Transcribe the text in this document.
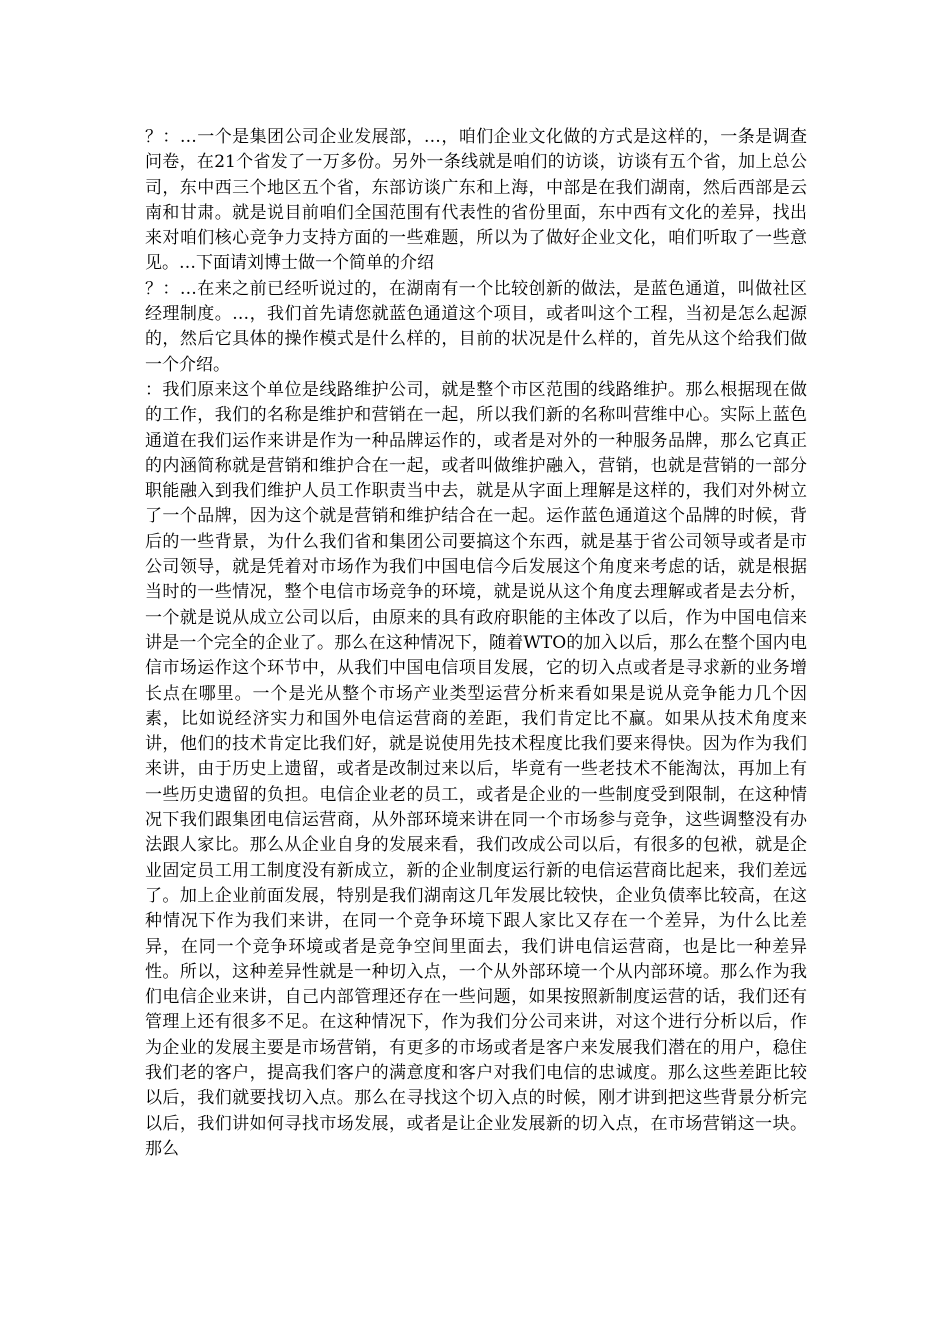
？：…一个是集团公司企业发展部，…，咱们企业文化做的方式是这样的，一条是调查问卷，在21个省发了一万多份。另外一条线就是咱们的访谈，访谈有五个省，加上总公司，东中西三个地区五个省，东部访谈广东和上海，中部是在我们湖南，然后西部是云南和甘肃。就是说目前咱们全国范围有代表性的省份里面，东中西有文化的差异，找出来对咱们核心竞争力支持方面的一些难题，所以为了做好企业文化，咱们听取了一些意见。…下面请刘博士做一个简单的介绍

？：…在来之前已经听说过的，在湖南有一个比较创新的做法，是蓝色通道，叫做社区经理制度。…，我们首先请您就蓝色通道这个项目，或者叫这个工程，当初是怎么起源的，然后它具体的操作模式是什么样的，目前的状况是什么样的，首先从这个给我们做一个介绍。

：我们原来这个单位是线路维护公司，就是整个市区范围的线路维护。那么根据现在做的工作，我们的名称是维护和营销在一起，所以我们新的名称叫营维中心。实际上蓝色通道在我们运作来讲是作为一种品牌运作的，或者是对外的一种服务品牌，那么它真正的内涵简称就是营销和维护合在一起，或者叫做维护融入，营销，也就是营销的一部分职能融入到我们维护人员工作职责当中去，就是从字面上理解是这样的，我们对外树立了一个品牌，因为这个就是营销和维护结合在一起。运作蓝色通道这个品牌的时候，背后的一些背景，为什么我们省和集团公司要搞这个东西，就是基于省公司领导或者是市公司领导，就是凭着对市场作为我们中国电信今后发展这个角度来考虑的话，就是根据当时的一些情况，整个电信市场竞争的环境，就是说从这个角度去理解或者是去分析，一个就是说从成立公司以后，由原来的具有政府职能的主体改了以后，作为中国电信来讲是一个完全的企业了。那么在这种情况下，随着WTO的加入以后，那么在整个国内电信市场运作这个环节中，从我们中国电信项目发展，它的切入点或者是寻求新的业务增长点在哪里。一个是光从整个市场产业类型运营分析来看如果是说从竞争能力几个因素，比如说经济实力和国外电信运营商的差距，我们肯定比不赢。如果从技术角度来讲，他们的技术肯定比我们好，就是说使用先技术程度比我们要来得快。因为作为我们来讲，由于历史上遗留，或者是改制过来以后，毕竟有一些老技术不能淘汰，再加上有一些历史遗留的负担。电信企业老的员工，或者是企业的一些制度受到限制，在这种情况下我们跟集团电信运营商，从外部环境来讲在同一个市场参与竞争，这些调整没有办法跟人家比。那么从企业自身的发展来看，我们改成公司以后，有很多的包袱，就是企业固定员工用工制度没有新成立，新的企业制度运行新的电信运营商比起来，我们差远了。加上企业前面发展，特别是我们湖南这几年发展比较快，企业负债率比较高，在这种情况下作为我们来讲，在同一个竞争环境下跟人家比又存在一个差异，为什么比差异，在同一个竞争环境或者是竞争空间里面去，我们讲电信运营商，也是比一种差异性。所以，这种差异性就是一种切入点，一个从外部环境一个从内部环境。那么作为我们电信企业来讲，自己内部管理还存在一些问题，如果按照新制度运营的话，我们还有管理上还有很多不足。在这种情况下，作为我们分公司来讲，对这个进行分析以后，作为企业的发展主要是市场营销，有更多的市场或者是客户来发展我们潜在的用户，稳住我们老的客户，提高我们客户的满意度和客户对我们电信的忠诚度。那么这些差距比较以后，我们就要找切入点。那么在寻找这个切入点的时候，刚才讲到把这些背景分析完以后，我们讲如何寻找市场发展，或者是让企业发展新的切入点，在市场营销这一块。那么
